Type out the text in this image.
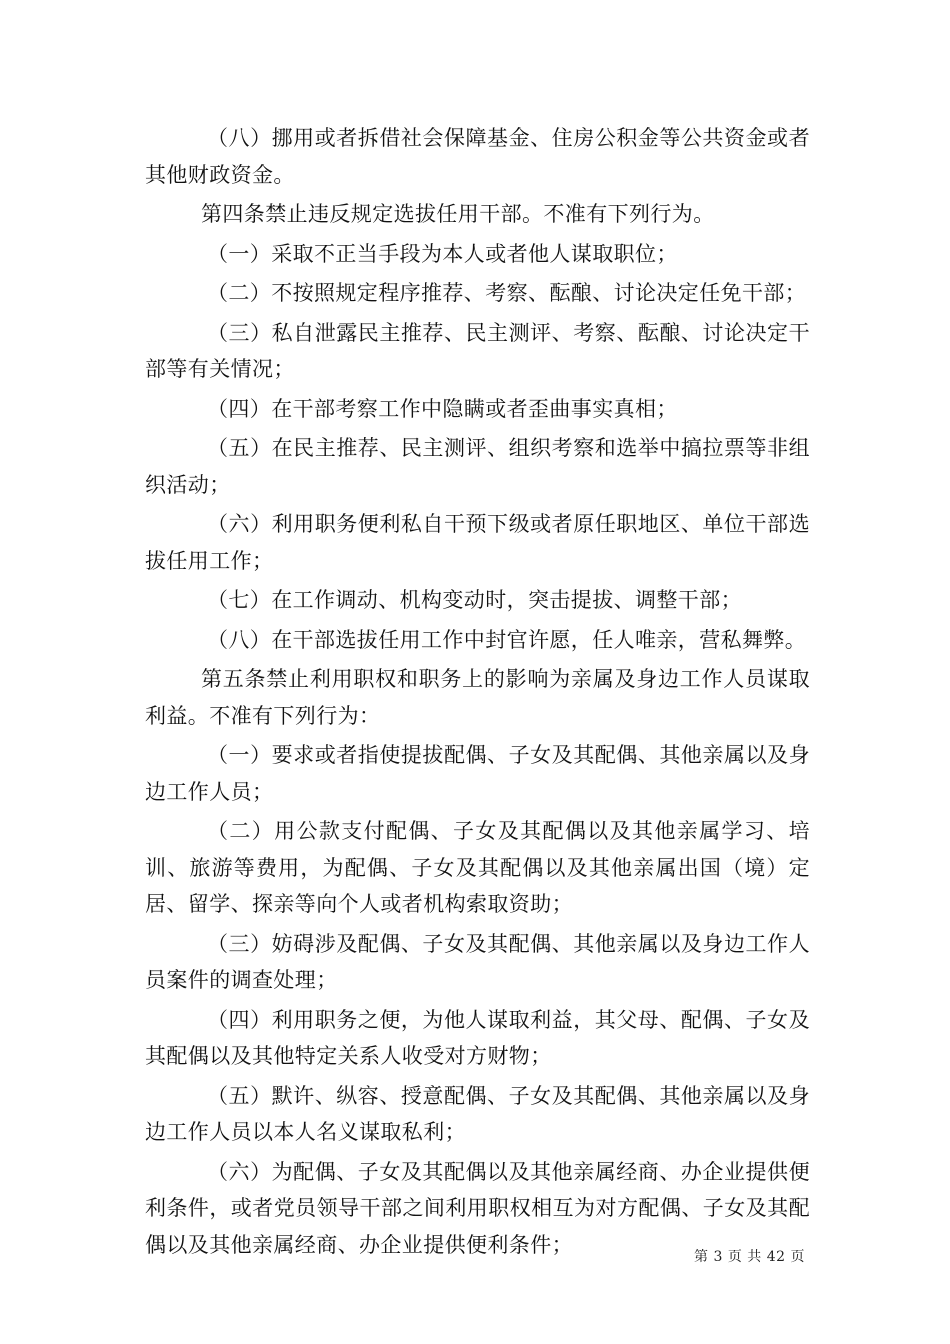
（八）挪用或者拆借社会保障基金、住房公积金等公共资金或者其他财政资金。

第四条禁止违反规定选拔任用干部。不准有下列行为。

（一）采取不正当手段为本人或者他人谋取职位；

（二）不按照规定程序推荐、考察、酝酿、讨论决定任免干部；

（三）私自泄露民主推荐、民主测评、考察、酝酿、讨论决定干部等有关情况；

（四）在干部考察工作中隐瞒或者歪曲事实真相；

（五）在民主推荐、民主测评、组织考察和选举中搞拉票等非组织活动；

（六）利用职务便利私自干预下级或者原任职地区、单位干部选拔任用工作；

（七）在工作调动、机构变动时，突击提拔、调整干部；

（八）在干部选拔任用工作中封官许愿，任人唯亲，营私舞弊。

第五条禁止利用职权和职务上的影响为亲属及身边工作人员谋取利益。不准有下列行为：

（一）要求或者指使提拔配偶、子女及其配偶、其他亲属以及身边工作人员；

（二）用公款支付配偶、子女及其配偶以及其他亲属学习、培训、旅游等费用，为配偶、子女及其配偶以及其他亲属出国（境）定居、留学、探亲等向个人或者机构索取资助；

（三）妨碍涉及配偶、子女及其配偶、其他亲属以及身边工作人员案件的调查处理；

（四）利用职务之便，为他人谋取利益，其父母、配偶、子女及其配偶以及其他特定关系人收受对方财物；

（五）默许、纵容、授意配偶、子女及其配偶、其他亲属以及身边工作人员以本人名义谋取私利；

（六）为配偶、子女及其配偶以及其他亲属经商、办企业提供便利条件，或者党员领导干部之间利用职权相互为对方配偶、子女及其配偶以及其他亲属经商、办企业提供便利条件；

第 3 页 共 42 页
